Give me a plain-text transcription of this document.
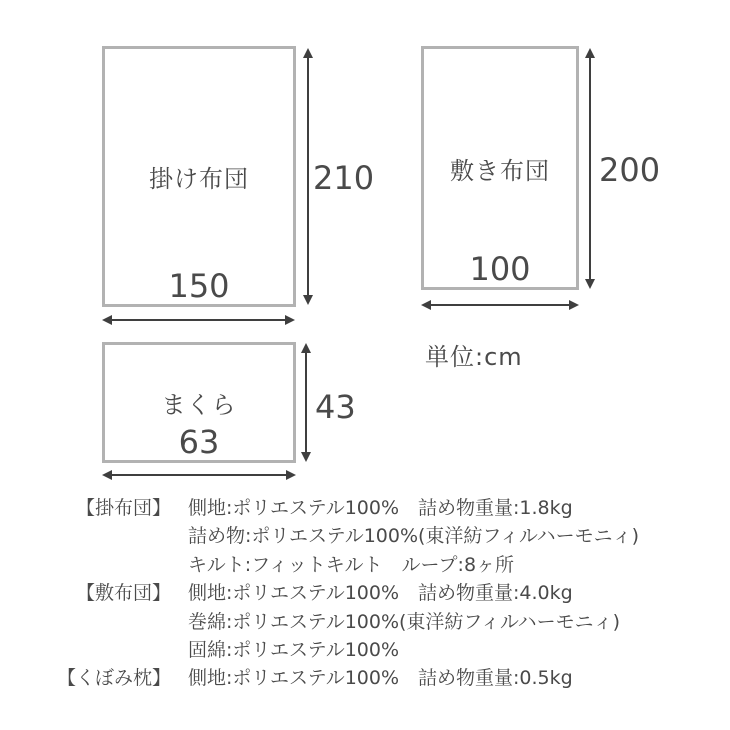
掛け布団
150
210	敷き布団
100
200
単位:cm
まくら
63
43
【掛布団】 側地:ポリエステル100%　詰め物重量:1.8kg
詰め物:ポリエステル100%(東洋紡フィルハーモニィ)
キルト:フィットキルト　ループ:8ヶ所
【敷布団】 側地:ポリエステル100%　詰め物重量:4.0kg
巻綿:ポリエステル100%(東洋紡フィルハーモニィ)
固綿:ポリエステル100%
【くぼみ枕】 側地:ポリエステル100%　詰め物重量:0.5kg
